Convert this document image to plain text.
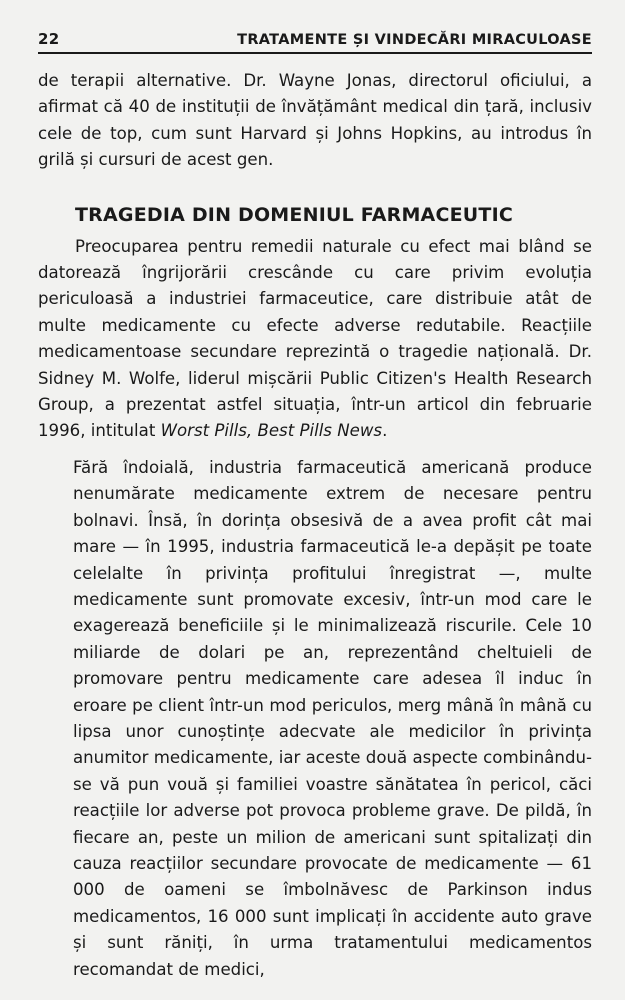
22	TRATAMENTE ȘI VINDECĂRI MIRACULOASE

de terapii alternative. Dr. Wayne Jonas, directorul oficiului, a afirmat că 40 de instituții de învățământ medical din țară, inclusiv cele de top, cum sunt Harvard și Johns Hopkins, au introdus în grilă și cursuri de acest gen.

TRAGEDIA DIN DOMENIUL FARMACEUTIC

Preocuparea pentru remedii naturale cu efect mai blând se datorează îngrijorării crescânde cu care privim evoluția periculoasă a industriei farmaceutice, care distribuie atât de multe medicamente cu efecte adverse redutabile. Reacțiile medicamentoase secundare reprezintă o tragedie națională. Dr. Sidney M. Wolfe, liderul mișcării Public Citizen's Health Research Group, a prezentat astfel situația, într-un articol din februarie 1996, intitulat Worst Pills, Best Pills News.

Fără îndoială, industria farmaceutică americană produce nenumărate medicamente extrem de necesare pentru bolnavi. Însă, în dorința obsesivă de a avea profit cât mai mare — în 1995, industria farmaceutică le-a depășit pe toate celelalte în privința profitului înregistrat —, multe medicamente sunt promovate excesiv, într-un mod care le exagerează beneficiile și le minimalizează riscurile. Cele 10 miliarde de dolari pe an, reprezentând cheltuieli de promovare pentru medicamente care adesea îl induc în eroare pe client într-un mod periculos, merg mână în mână cu lipsa unor cunoștințe adecvate ale medicilor în privința anumitor medicamente, iar aceste două aspecte combinându-se vă pun vouă și familiei voastre sănătatea în pericol, căci reacțiile lor adverse pot provoca probleme grave. De pildă, în fiecare an, peste un milion de americani sunt spitalizați din cauza reacțiilor secundare provocate de medicamente — 61 000 de oameni se îmbolnăvesc de Parkinson indus medicamentos, 16 000 sunt implicați în accidente auto grave și sunt răniți, în urma tratamentului medicamentos recomandat de medici,
